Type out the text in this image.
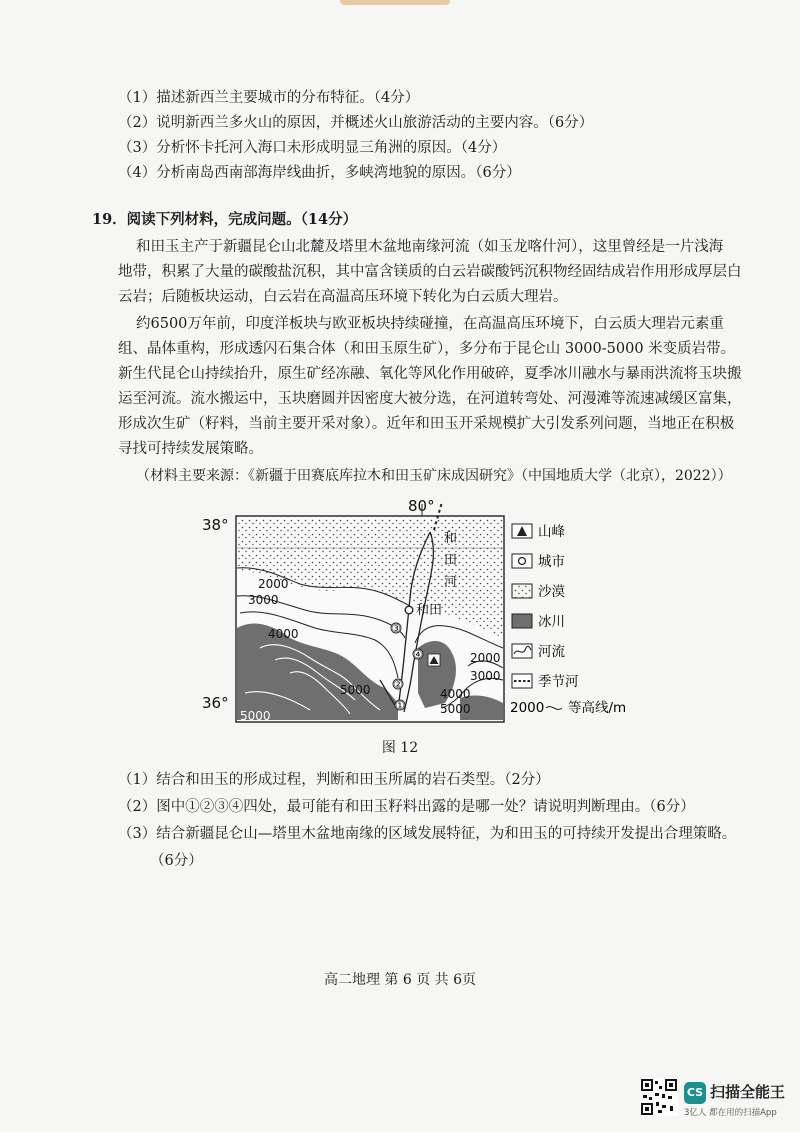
（1）描述新西兰主要城市的分布特征。（4分）
（2）说明新西兰多火山的原因，并概述火山旅游活动的主要内容。（6分）
（3）分析怀卡托河入海口未形成明显三角洲的原因。（4分）
（4）分析南岛西南部海岸线曲折，多峡湾地貌的原因。（6分）
19．阅读下列材料，完成问题。（14分）
和田玉主产于新疆昆仑山北麓及塔里木盆地南缘河流（如玉龙喀什河），这里曾经是一片浅海
地带，积累了大量的碳酸盐沉积，其中富含镁质的白云岩碳酸钙沉积物经固结成岩作用形成厚层白
云岩；后随板块运动，白云岩在高温高压环境下转化为白云质大理岩。
约6500万年前，印度洋板块与欧亚板块持续碰撞，在高温高压环境下，白云质大理岩元素重
组、晶体重构，形成透闪石集合体（和田玉原生矿），多分布于昆仑山 3000-5000 米变质岩带。
新生代昆仑山持续抬升，原生矿经冻融、氧化等风化作用破碎，夏季冰川融水与暴雨洪流将玉块搬
运至河流。流水搬运中，玉块磨圆并因密度大被分选，在河道转弯处、河漫滩等流速减缓区富集，
形成次生矿（籽料，当前主要开采对象）。近年和田玉开采规模扩大引发系列问题，当地正在积极
寻找可持续发展策略。
（材料主要来源：《新疆于田赛底库拉木和田玉矿床成因研究》（中国地质大学（北京），2022））
和田
和
田
河
80°
38°
36°
2000
3000
4000
5000
5000
2000
3000
4000
5000
①
②
③
④
山峰
城市
沙漠
冰川
河流
季节河
2000 等高线/m
图 12
（1）结合和田玉的形成过程，判断和田玉所属的岩石类型。（2分）
（2）图中①②③④四处，最可能有和田玉籽料出露的是哪一处？请说明判断理由。（6分）
（3）结合新疆昆仑山—塔里木盆地南缘的区域发展特征，为和田玉的可持续开发提出合理策略。
（6分）
高二地理 第 6 页 共 6页
CS 扫描全能王
3亿人 都在用的扫描App
